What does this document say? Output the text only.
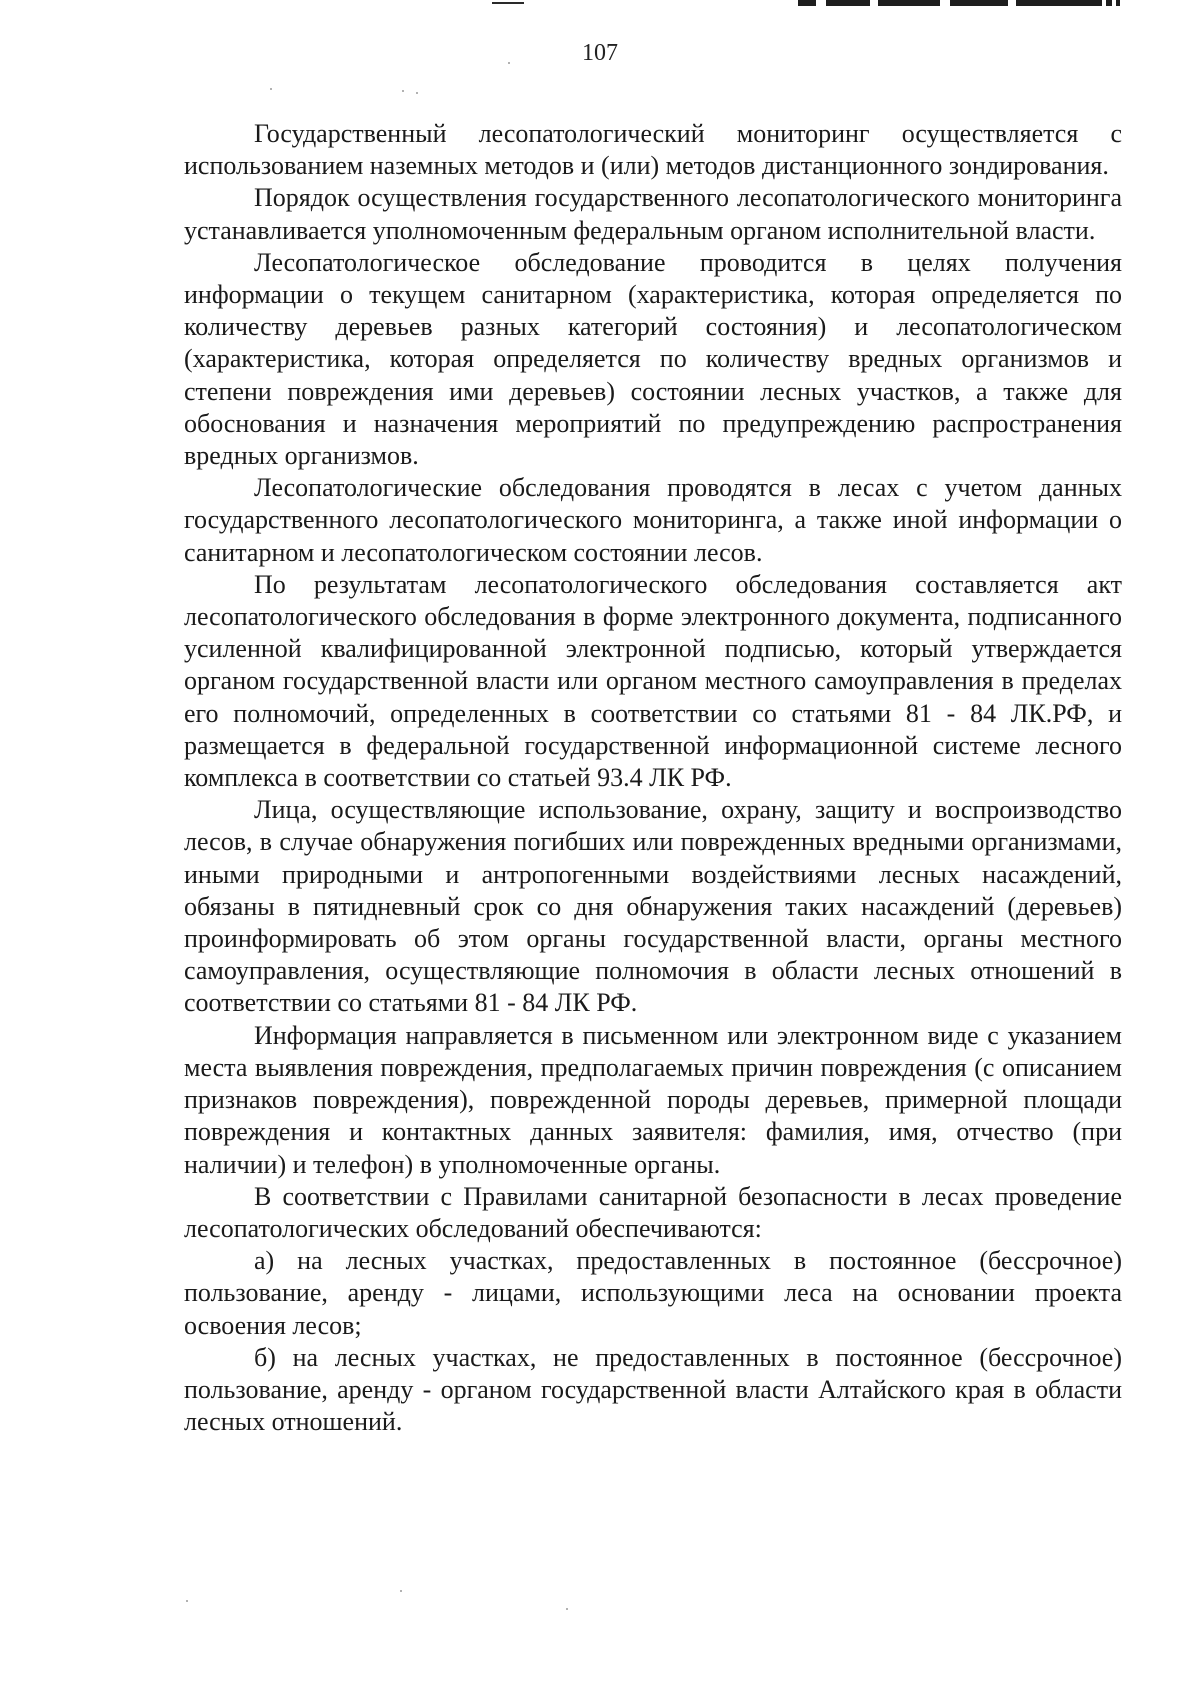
107

Государственный лесопатологический мониторинг осуществляется с использованием наземных методов и (или) методов дистанционного зондирования.

Порядок осуществления государственного лесопатологического мониторинга устанавливается уполномоченным федеральным органом исполнительной власти.

Лесопатологическое обследование проводится в целях получения информации о текущем санитарном (характеристика, которая определяется по количеству деревьев разных категорий состояния) и лесопатологическом (характеристика, которая определяется по количеству вредных организмов и степени повреждения ими деревьев) состоянии лесных участков, а также для обоснования и назначения мероприятий по предупреждению распространения вредных организмов.

Лесопатологические обследования проводятся в лесах с учетом данных государственного лесопатологического мониторинга, а также иной информации о санитарном и лесопатологическом состоянии лесов.

По результатам лесопатологического обследования составляется акт лесопатологического обследования в форме электронного документа, подписанного усиленной квалифицированной электронной подписью, который утверждается органом государственной власти или органом местного самоуправления в пределах его полномочий, определенных в соответствии со статьями 81 - 84 ЛК.РФ, и размещается в федеральной государственной информационной системе лесного комплекса в соответствии со статьей 93.4 ЛК РФ.

Лица, осуществляющие использование, охрану, защиту и воспроизводство лесов, в случае обнаружения погибших или поврежденных вредными организмами, иными природными и антропогенными воздействиями лесных насаждений, обязаны в пятидневный срок со дня обнаружения таких насаждений (деревьев) проинформировать об этом органы государственной власти, органы местного самоуправления, осуществляющие полномочия в области лесных отношений в соответствии со статьями 81 - 84 ЛК РФ.

Информация направляется в письменном или электронном виде с указанием места выявления повреждения, предполагаемых причин повреждения (с описанием признаков повреждения), поврежденной породы деревьев, примерной площади повреждения и контактных данных заявителя: фамилия, имя, отчество (при наличии) и телефон) в уполномоченные органы.

В соответствии с Правилами санитарной безопасности в лесах проведение лесопатологических обследований обеспечиваются:

а) на лесных участках, предоставленных в постоянное (бессрочное) пользование, аренду - лицами, использующими леса на основании проекта освоения лесов;

б) на лесных участках, не предоставленных в постоянное (бессрочное) пользование, аренду - органом государственной власти Алтайского края в области лесных отношений.
